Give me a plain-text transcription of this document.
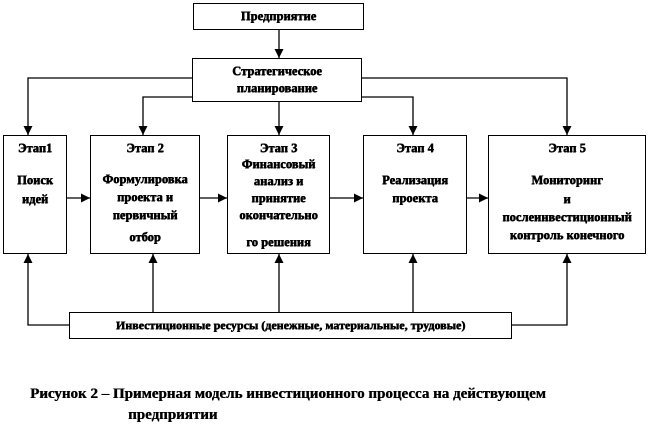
Предприятие
Стратегическое
планирование
Этап1
Поиск
идей
Этап 2
Формулировка
проекта и
первичный
отбор
Этап 3
Финансовый
анализ и
принятие
окончательно
го решения
Этап 4
Реализация
проекта
Этап 5
Мониторинг
и
послеинвестиционный
контроль конечного
Инвестиционные ресурсы (денежные, материальные, трудовые)
Рисунок 2 – Примерная модель инвестиционного процесса на действующем
предприятии
